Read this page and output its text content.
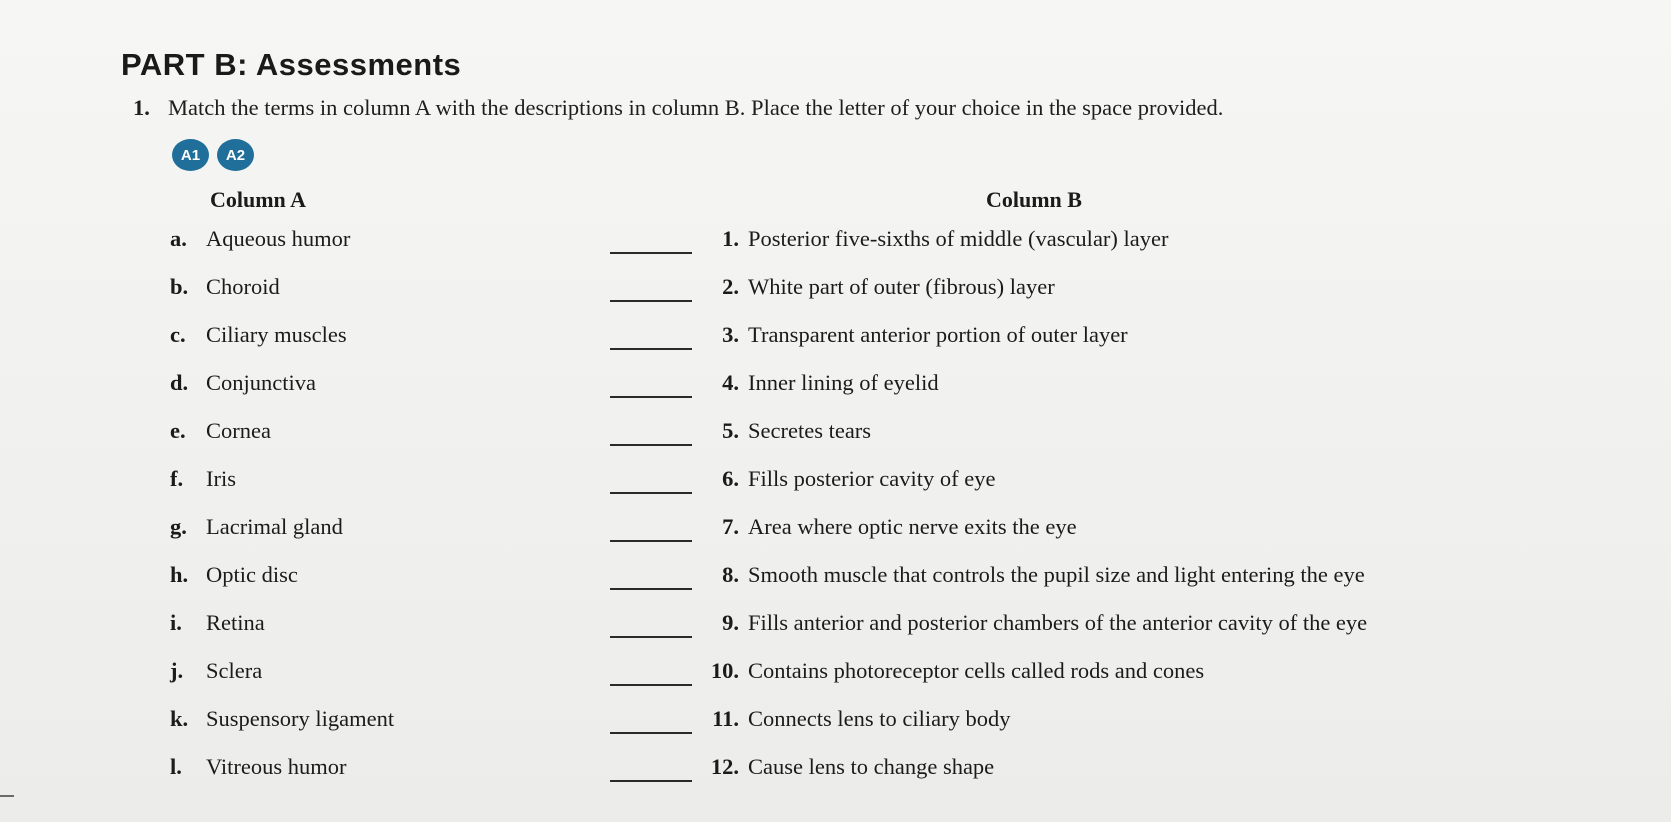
PART B: Assessments
1. Match the terms in column A with the descriptions in column B. Place the letter of your choice in the space provided.
A1	A2
Column A	Column B
a. Aqueous humor	1. Posterior five-sixths of middle (vascular) layer
b. Choroid	2. White part of outer (fibrous) layer
c. Ciliary muscles	3. Transparent anterior portion of outer layer
d. Conjunctiva	4. Inner lining of eyelid
e. Cornea	5. Secretes tears
f. Iris	6. Fills posterior cavity of eye
g. Lacrimal gland	7. Area where optic nerve exits the eye
h. Optic disc	8. Smooth muscle that controls the pupil size and light entering the eye
i. Retina	9. Fills anterior and posterior chambers of the anterior cavity of the eye
j. Sclera	10. Contains photoreceptor cells called rods and cones
k. Suspensory ligament	11. Connects lens to ciliary body
l. Vitreous humor	12. Cause lens to change shape
